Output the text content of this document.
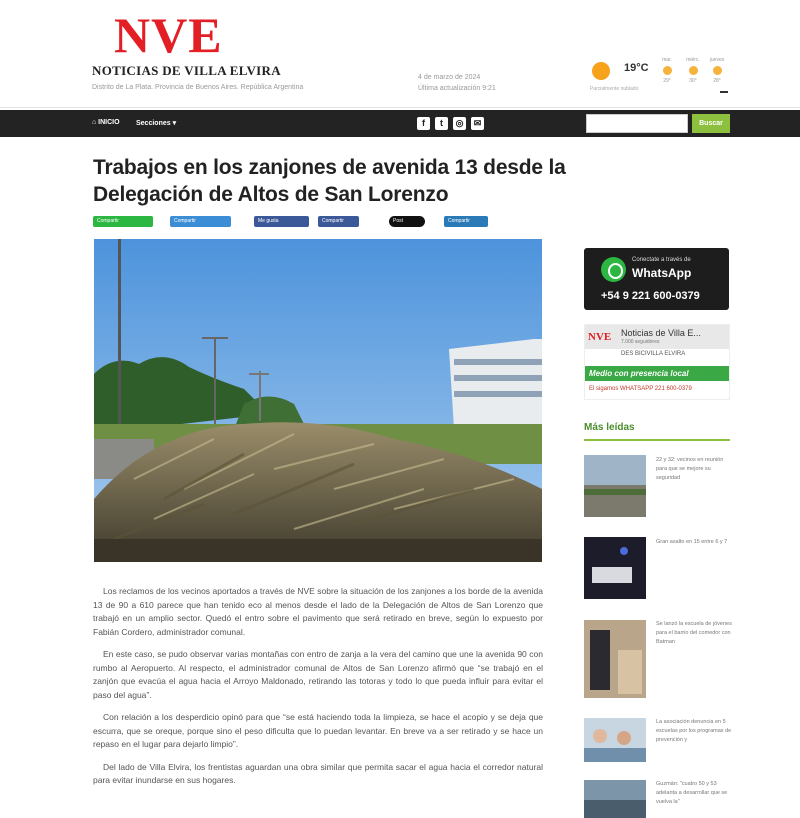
NVE
NOTICIAS DE VILLA ELVIRA
Distrito de La Plata. Provincia de Buenos Aires. República Argentina
4 de marzo de 2024
Última actualización 9:21
19°C
Parcialmente nublado
mar.
29°
miérc.
30°
jueves
28°
⌂ INICIO Secciones ▾	f	t	◎	✉	Buscar
Trabajos en los zanjones de avenida 13 desde la Delegación de Altos de San Lorenzo
Compartir	Compartir	Me gusta	Compartir	Post	Compartir

Los reclamos de los vecinos aportados a través de NVE sobre la situación de los zanjones a los borde de la avenida 13 de 90 a 610 parece que han tenido eco al menos desde el lado de la Delegación de Altos de San Lorenzo que trabajó en un amplio sector. Quedó el entro sobre el pavimento que será retirado en breve, según lo expuesto por Fabián Cordero, administrador comunal.

En este caso, se pudo observar varias montañas con entro de zanja a la vera del camino que une la avenida 90 con rumbo al Aeropuerto. Al respecto, el administrador comunal de Altos de San Lorenzo afirmó que “se trabajó en el zanjón que evacúa el agua hacia el Arroyo Maldonado, retirando las totoras y todo lo que pueda influir para evitar el paso del agua”.

Con relación a los desperdicio opinó para que “se está haciendo toda la limpieza, se hace el acopio y se deja que escurra, que se oreque, porque sino el peso dificulta que lo puedan levantar. En breve va a ser retirado y se hace un repaso en el lugar para dejarlo limpio”.

Del lado de Villa Elvira, los frentistas aguardan una obra similar que permita sacar el agua hacia el corredor natural para evitar inundarse en sus hogares.

Conectate a través de
WhatsApp
+54 9 221 600-0379
NVE Noticias de Villa E...
7.000 seguidores
DES BICIVILLA ELVIRA
Medio con presencia local
El sigamos WHATSAPP 221 600-0379
Más leídas
22 y 32: vecinos en reunión para que se mejore su seguridad
Gran asalto en 15 entre 6 y 7
Se lanzó la escuela de jóvenes para el barrio del comedor con Batman
La asociación denuncia en 5 escuelas por los programas de prevención y
Guzmán: "cuatro 50 y 53 adelanta a desarrollar que se vuelva la"
